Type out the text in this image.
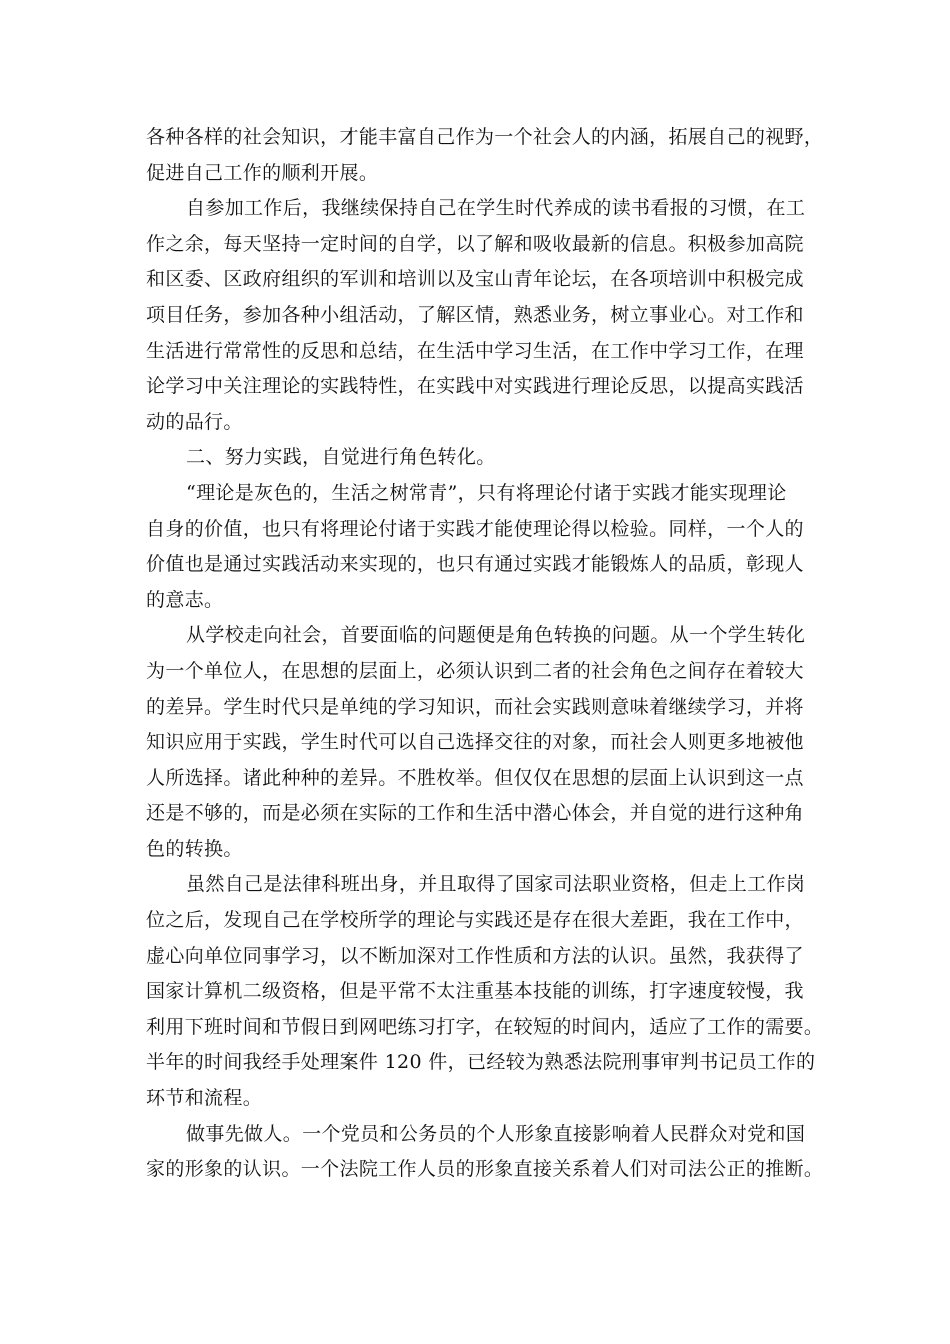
各种各样的社会知识，才能丰富自己作为一个社会人的内涵，拓展自己的视野，
促进自己工作的顺利开展。
自参加工作后，我继续保持自己在学生时代养成的读书看报的习惯，在工
作之余，每天坚持一定时间的自学，以了解和吸收最新的信息。积极参加高院
和区委、区政府组织的军训和培训以及宝山青年论坛，在各项培训中积极完成
项目任务，参加各种小组活动，了解区情，熟悉业务，树立事业心。对工作和
生活进行常常性的反思和总结，在生活中学习生活，在工作中学习工作，在理
论学习中关注理论的实践特性，在实践中对实践进行理论反思，以提高实践活
动的品行。
二、努力实践，自觉进行角色转化。
“理论是灰色的，生活之树常青”，只有将理论付诸于实践才能实现理论
自身的价值，也只有将理论付诸于实践才能使理论得以检验。同样，一个人的
价值也是通过实践活动来实现的，也只有通过实践才能锻炼人的品质，彰现人
的意志。
从学校走向社会，首要面临的问题便是角色转换的问题。从一个学生转化
为一个单位人，在思想的层面上，必须认识到二者的社会角色之间存在着较大
的差异。学生时代只是单纯的学习知识，而社会实践则意味着继续学习，并将
知识应用于实践，学生时代可以自己选择交往的对象，而社会人则更多地被他
人所选择。诸此种种的差异。不胜枚举。但仅仅在思想的层面上认识到这一点
还是不够的，而是必须在实际的工作和生活中潜心体会，并自觉的进行这种角
色的转换。
虽然自己是法律科班出身，并且取得了国家司法职业资格，但走上工作岗
位之后，发现自己在学校所学的理论与实践还是存在很大差距，我在工作中，
虚心向单位同事学习，以不断加深对工作性质和方法的认识。虽然，我获得了
国家计算机二级资格，但是平常不太注重基本技能的训练，打字速度较慢，我
利用下班时间和节假日到网吧练习打字，在较短的时间内，适应了工作的需要。
半年的时间我经手处理案件 120 件，已经较为熟悉法院刑事审判书记员工作的
环节和流程。
做事先做人。一个党员和公务员的个人形象直接影响着人民群众对党和国
家的形象的认识。一个法院工作人员的形象直接关系着人们对司法公正的推断。
